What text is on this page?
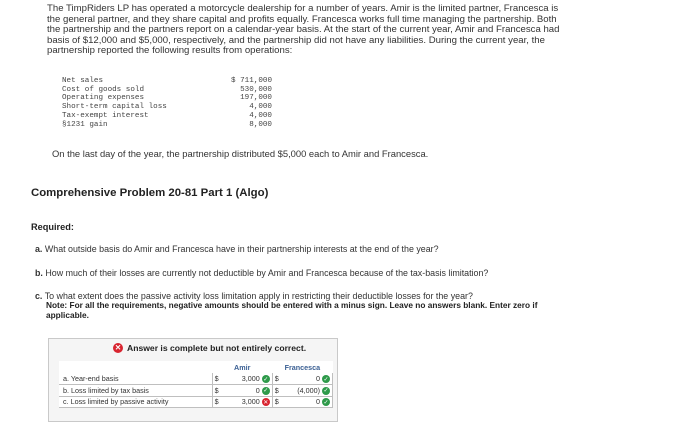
The TimpRiders LP has operated a motorcycle dealership for a number of years. Amir is the limited partner, Francesca is

the general partner, and they share capital and profits equally. Francesca works full time managing the partnership. Both

the partnership and the partners report on a calendar-year basis. At the start of the current year, Amir and Francesca had

basis of $12,000 and $5,000, respectively, and the partnership did not have any liabilities. During the current year, the

partnership reported the following results from operations:

Net sales	$ 711,000
Cost of goods sold	530,000
Operating expenses	197,000
Short-term capital loss	4,000
Tax-exempt interest	4,000
§1231 gain	8,000
On the last day of the year, the partnership distributed $5,000 each to Amir and Francesca.
Comprehensive Problem 20-81 Part 1 (Algo)
Required:
a. What outside basis do Amir and Francesca have in their partnership interests at the end of the year?
b. How much of their losses are currently not deductible by Amir and Francesca because of the tax-basis limitation?
c. To what extent does the passive activity loss limitation apply in restricting their deductible losses for the year?
Note: For all the requirements, negative amounts should be entered with a minus sign. Leave no answers blank. Enter zero if
applicable.
✕ Answer is complete but not entirely correct.
	Amir		Francesca	
a. Year-end basis	$	3,000 ✓	$	0 ✓
b. Loss limited by tax basis	$	0 ✓	$	(4,000) ✓
c. Loss limited by passive activity	$	3,000 ✕	$	0 ✓
